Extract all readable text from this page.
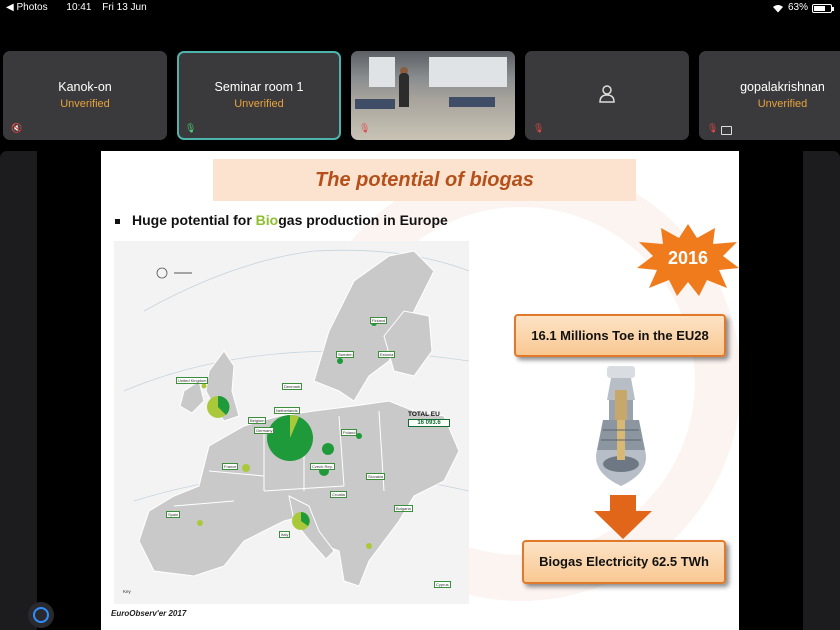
◀ Photos 10:41 Fri 13 Jun	63%
Kanok-on
Unverified
🔇
Seminar room 1
Unverified
🎙	🎙	🎙
gopalakrishnan
Unverified
🎙
The potential of biogas
Huge potential for Biogas production in Europe
United Kingdom
Germany
France
Italy
Spain
Poland
Czech Rep.
Slovakia
Finland
Sweden	Estonia
Denmark
Netherlands
Belgium
Croatia
Bulgaria
Cyprus
TOTAL EU
16 093.6
Key
EuroObserv'er 2017
2016
16.1 Millions Toe in the EU28
Biogas Electricity 62.5 TWh
